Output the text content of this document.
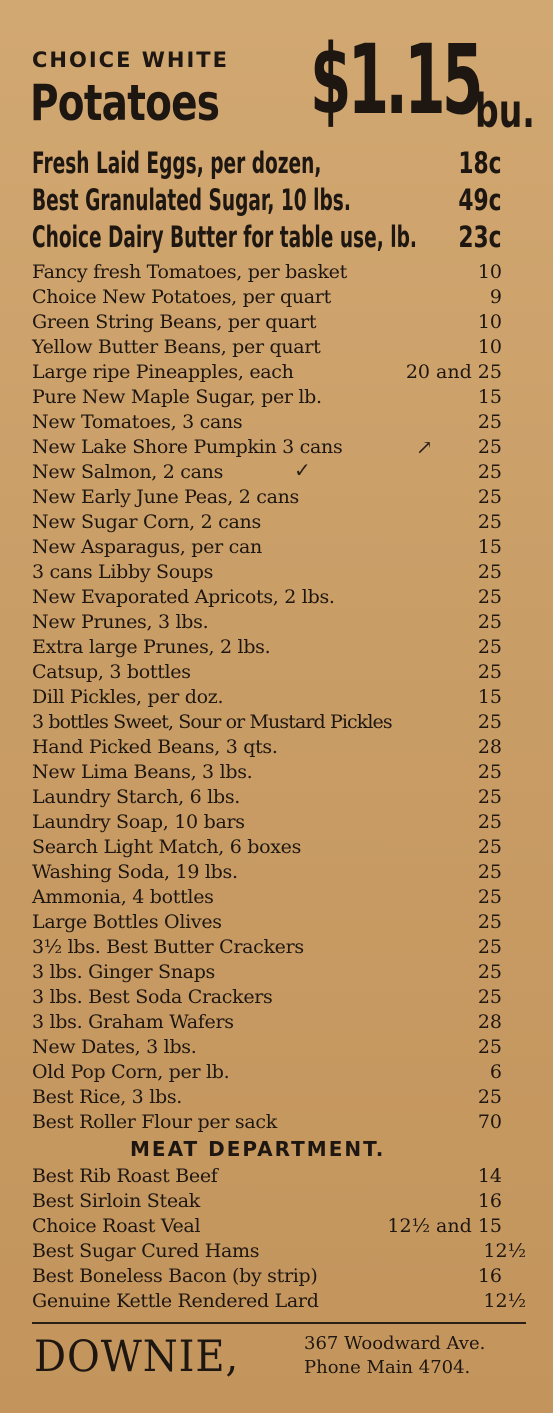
CHOICE WHITE
Potatoes $1.15
bu.
Fresh Laid Eggs, per dozen,	18c
Best Granulated Sugar, 10 lbs.	49c
Choice Dairy Butter for table use, lb. 23c
Fancy fresh Tomatoes, per basket	10
Choice New Potatoes, per quart	9
Green String Beans, per quart	10
Yellow Butter Beans, per quart	10
Large ripe Pineapples, each	20 and 25
Pure New Maple Sugar, per lb.	15
New Tomatoes, 3 cans	25
New Lake Shore Pumpkin 3 cans	↗ 25
New Salmon, 2 cans	✓	25
New Early June Peas, 2 cans	25
New Sugar Corn, 2 cans	25
New Asparagus, per can	15
3 cans Libby Soups	25
New Evaporated Apricots, 2 lbs.	25
New Prunes, 3 lbs.	25
Extra large Prunes, 2 lbs.	25
Catsup, 3 bottles	25
Dill Pickles, per doz.	15
3 bottles Sweet, Sour or Mustard Pickles	25
Hand Picked Beans, 3 qts.	28
New Lima Beans, 3 lbs.	25
Laundry Starch, 6 lbs.	25
Laundry Soap, 10 bars	25
Search Light Match, 6 boxes	25
Washing Soda, 19 lbs.	25
Ammonia, 4 bottles	25
Large Bottles Olives	25
3½ lbs. Best Butter Crackers	25
3 lbs. Ginger Snaps	25
3 lbs. Best Soda Crackers	25
3 lbs. Graham Wafers	28
New Dates, 3 lbs.	25
Old Pop Corn, per lb.	6
Best Rice, 3 lbs.	25
Best Roller Flour per sack	70
MEAT DEPARTMENT.
Best Rib Roast Beef	14
Best Sirloin Steak	16
Choice Roast Veal	12½ and 15
Best Sugar Cured Hams	12½
Best Boneless Bacon (by strip)	16
Genuine Kettle Rendered Lard	12½
DOWNIE,	367 Woodward Ave.
Phone Main 4704.
